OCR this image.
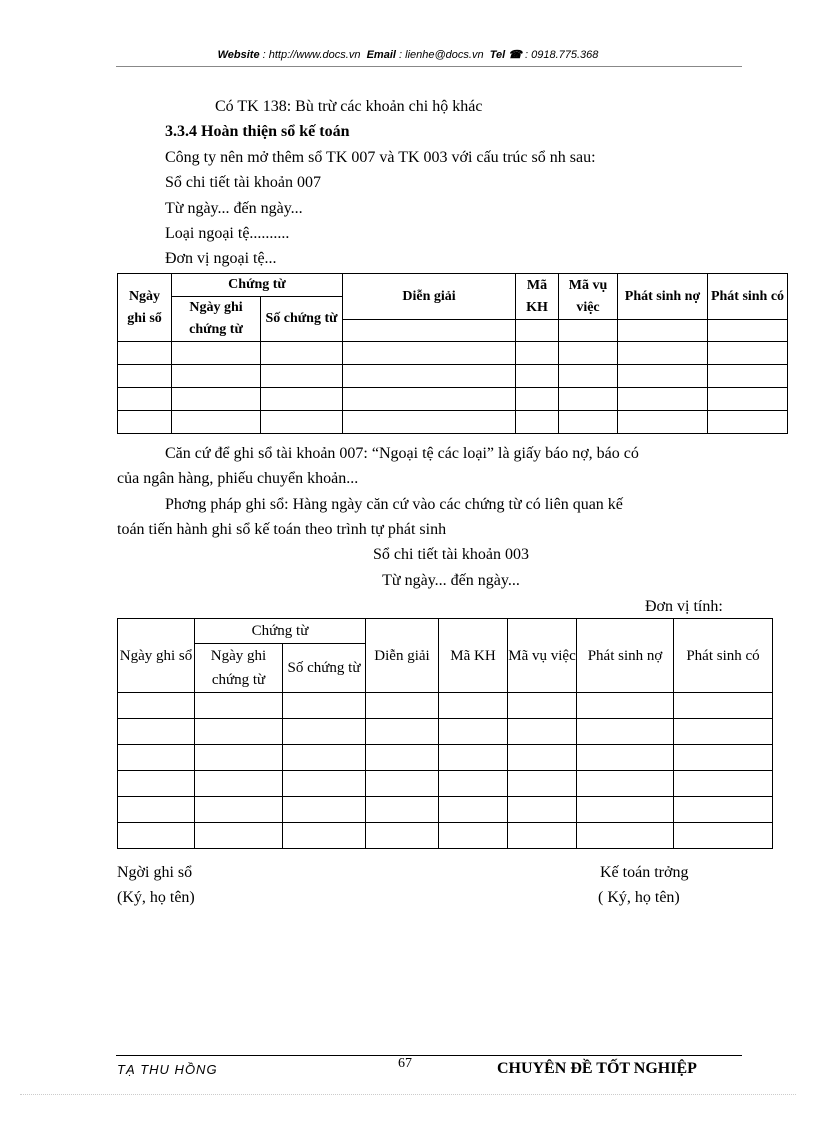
Website : http://www.docs.vn Email : lienhe@docs.vn Tel ☎ : 0918.775.368
Có TK 138: Bù trừ các khoản chi hộ khác
3.3.4 Hoàn thiện sổ kế toán
Công ty nên mở thêm sổ TK 007 và TK 003 với cấu trúc sổ nh sau:
Sổ chi tiết tài khoản 007
Từ ngày... đến ngày...
Loại ngoại tệ..........
Đơn vị ngoại tệ...
Ngày ghi sổ	Chứng từ		Diễn giải	Mã KH	Mã vụ việc	Phát sinh nợ	Phát sinh có
	Ngày ghi chứng từ	Số chứng từ					

Căn cứ để ghi sổ tài khoản 007: “Ngoại tệ các loại” là giấy báo nợ, báo có
của ngân hàng, phiếu chuyển khoản...
Phơng pháp ghi sổ: Hàng ngày căn cứ vào các chứng từ có liên quan kế
toán tiến hành ghi sổ kế toán theo trình tự phát sinh
Sổ chi tiết tài khoản 003
Từ ngày... đến ngày...
Đơn vị tính:
Ngày ghi sổ	Chứng từ		Diễn giải	Mã KH	Mã vụ việc	Phát sinh nợ	Phát sinh có
	Ngày ghi chứng từ	Số chứng từ					

Ngời ghi sổ
(Ký, họ tên)
Kế toán trởng
( Ký, họ tên)
TẠ THU HỒNG	67	CHUYÊN ĐỀ TỐT NGHIỆP
